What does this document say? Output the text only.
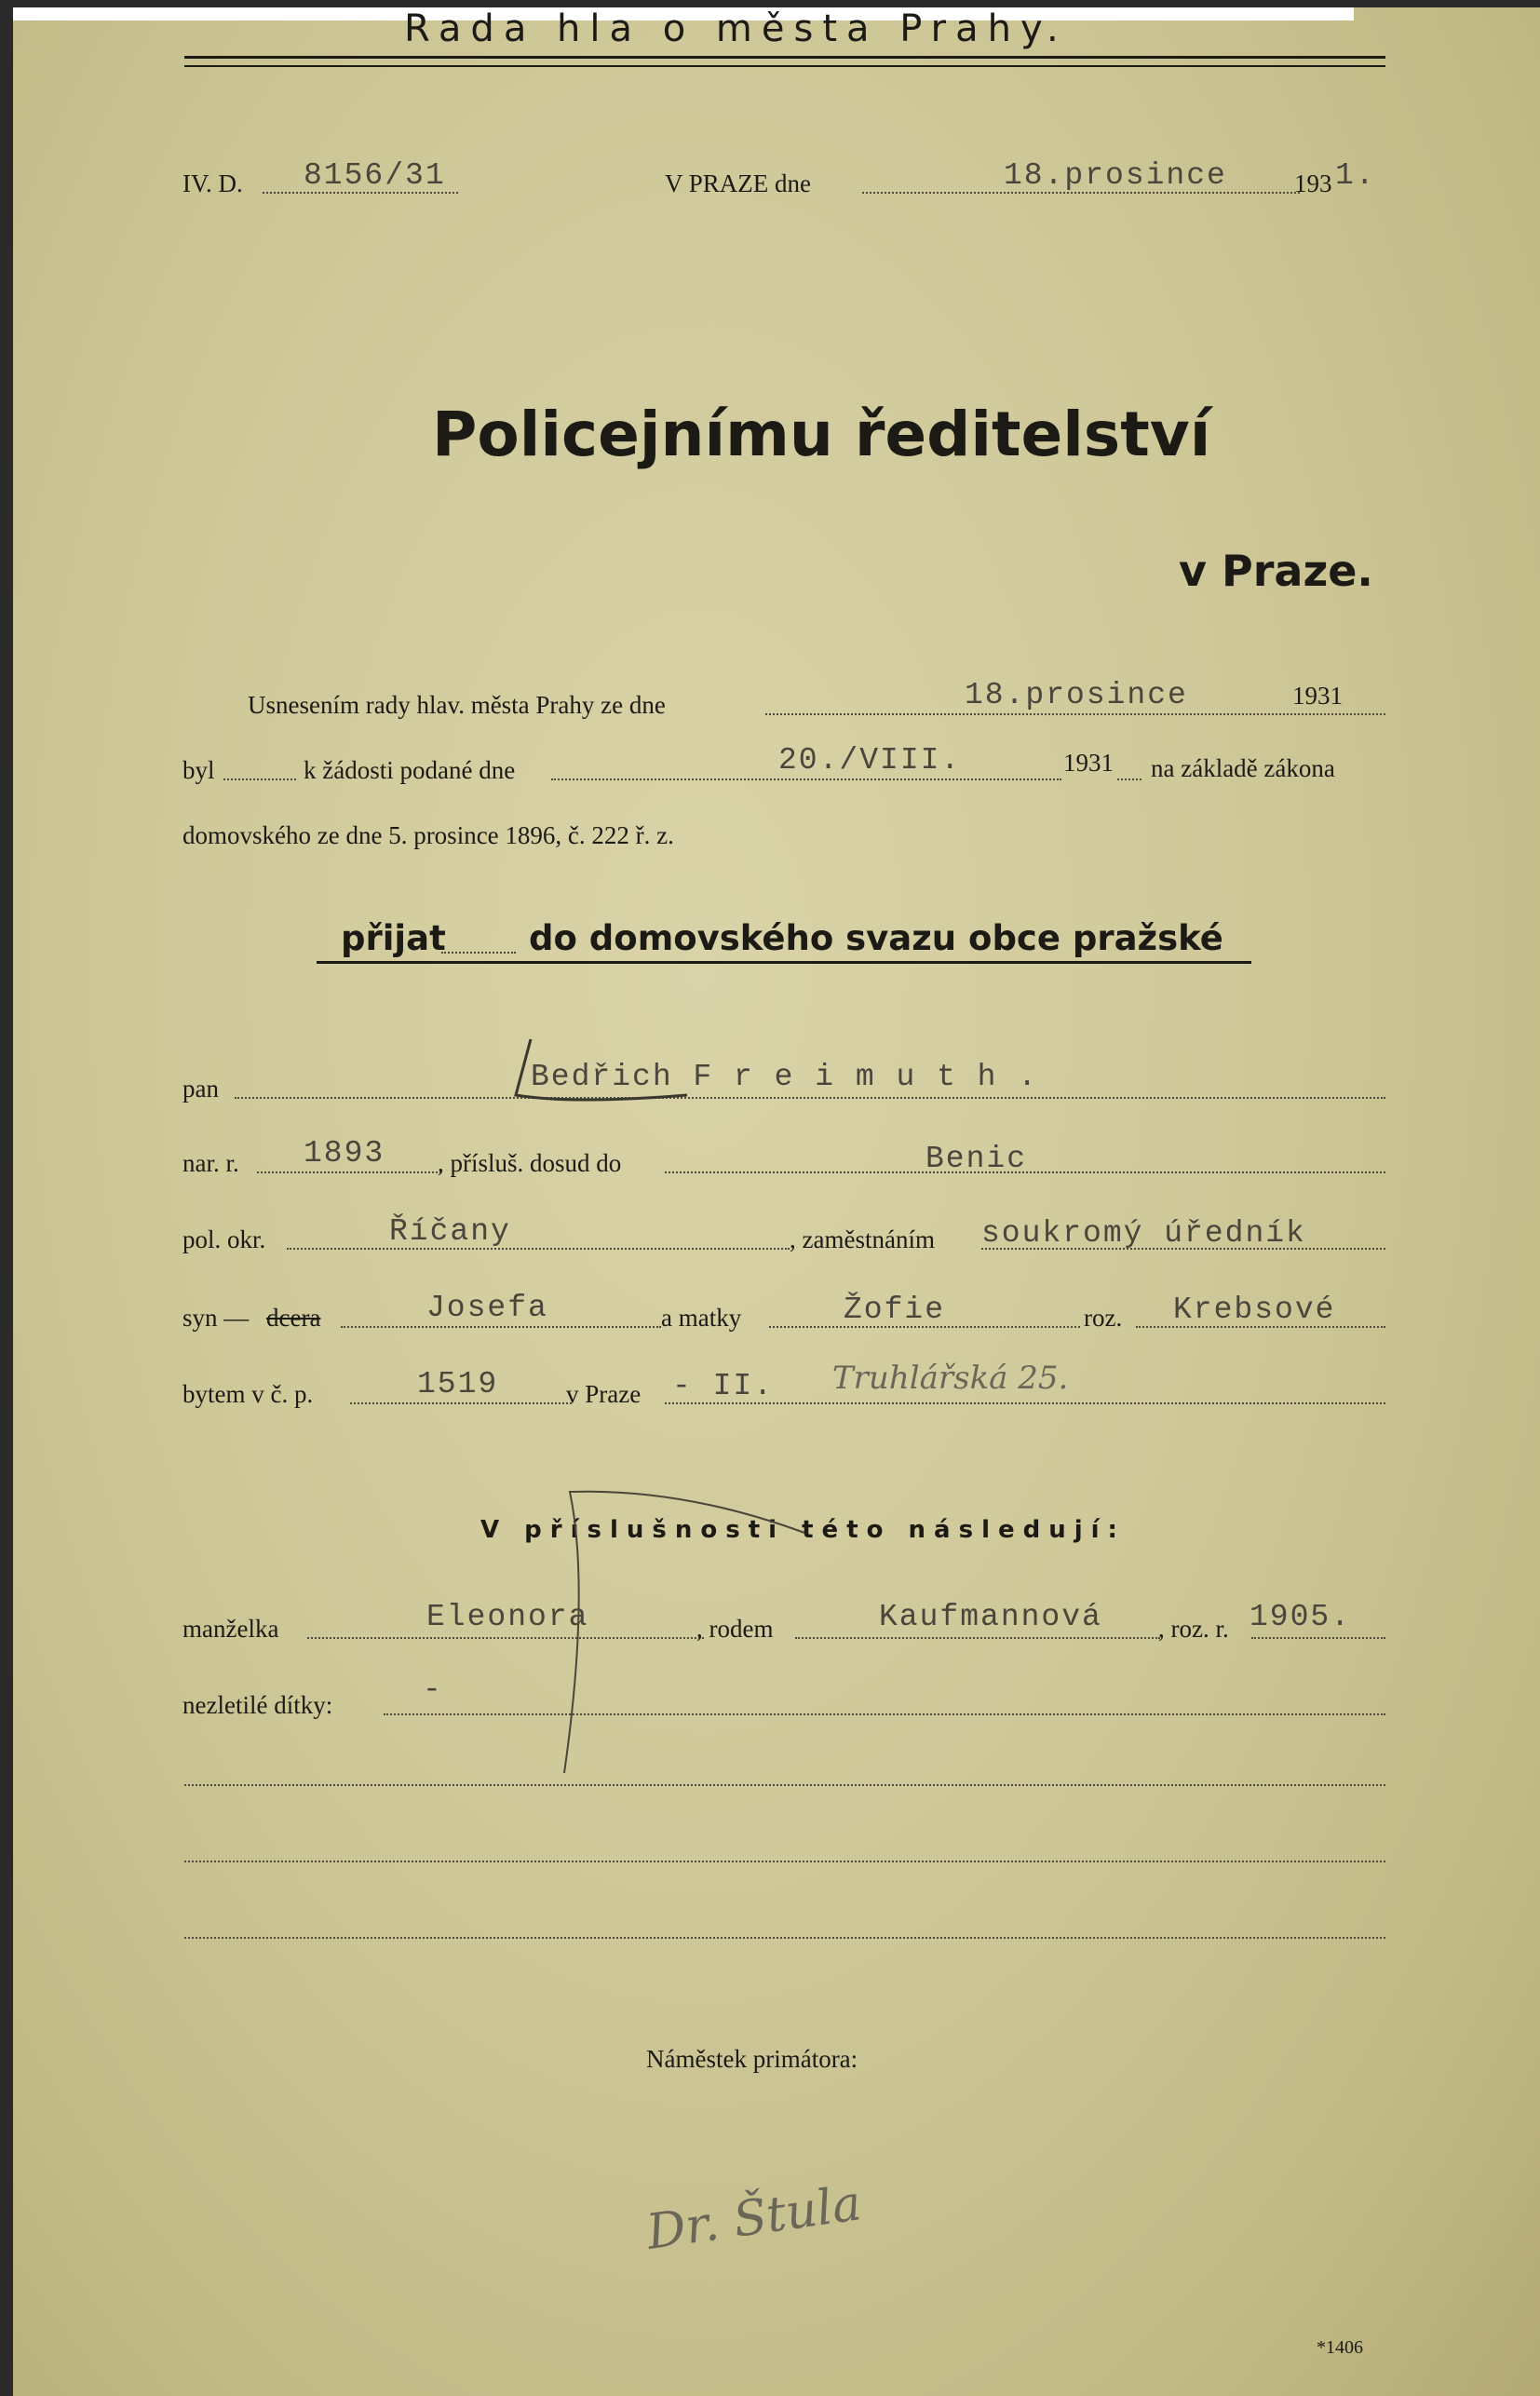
Rada hla o města Prahy.
IV. D. 8156/31	V PRAZE dne	18.prosince	193 1.
Policejnímu ředitelství
v Praze.
Usnesením rady hlav. města Prahy ze dne	18.prosince	1931
byl	k žádosti podané dne	20./VIII.	1931 na základě zákona
domovského ze dne 5. prosince 1896, č. 222 ř. z.
přijat do domovského svazu obce pražské
pan	Bedřich F r e i m u t h .
nar. r. 1893 , přísluš. dosud do	Benic
pol. okr.	Říčany	, zaměstnáním soukromý úředník
syn — dcera	Josefa	a matky	Žofie	roz. Krebsové
bytem v č. p.	1519	v Praze - II. Truhlářská 25.
V příslušnosti této následují:
manželka	Eleonora	, rodem	Kaufmannová , roz. r. 1905.
nezletilé dítky:	-
Náměstek primátora:
Dr. Štula
*1406
